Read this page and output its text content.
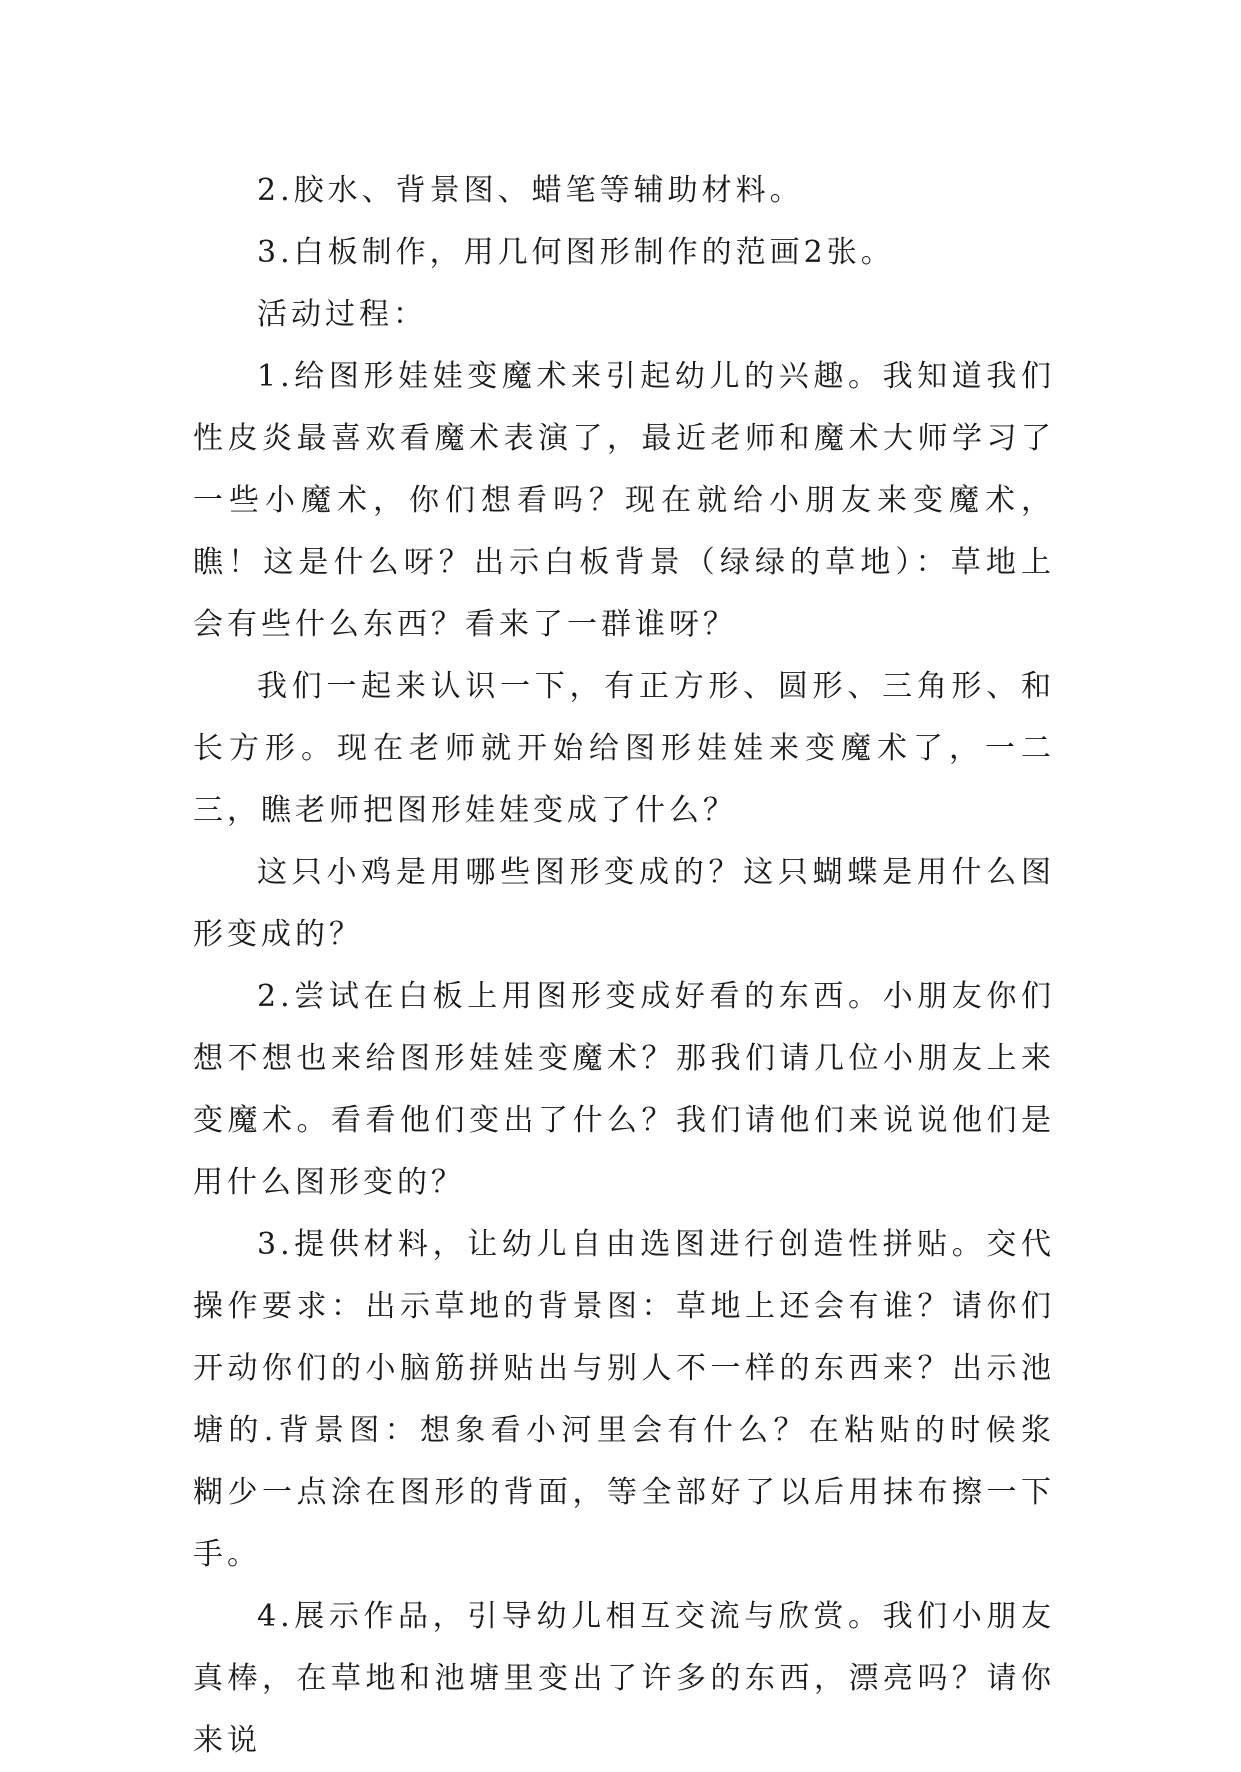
2.胶水、背景图、蜡笔等辅助材料。

3.白板制作，用几何图形制作的范画2张。

活动过程：

1.给图形娃娃变魔术来引起幼儿的兴趣。我知道我们性皮炎最喜欢看魔术表演了，最近老师和魔术大师学习了一些小魔术，你们想看吗？现在就给小朋友来变魔术，瞧！这是什么呀？出示白板背景（绿绿的草地）：草地上会有些什么东西？看来了一群谁呀？

我们一起来认识一下，有正方形、圆形、三角形、和长方形。现在老师就开始给图形娃娃来变魔术了，一二三，瞧老师把图形娃娃变成了什么？

这只小鸡是用哪些图形变成的？这只蝴蝶是用什么图形变成的？

2.尝试在白板上用图形变成好看的东西。小朋友你们想不想也来给图形娃娃变魔术？那我们请几位小朋友上来变魔术。看看他们变出了什么？我们请他们来说说他们是用什么图形变的？

3.提供材料，让幼儿自由选图进行创造性拼贴。交代操作要求：出示草地的背景图：草地上还会有谁？请你们开动你们的小脑筋拼贴出与别人不一样的东西来？出示池塘的.背景图：想象看小河里会有什么？在粘贴的时候浆糊少一点涂在图形的背面，等全部好了以后用抹布擦一下手。

4.展示作品，引导幼儿相互交流与欣赏。我们小朋友真棒，在草地和池塘里变出了许多的东西，漂亮吗？请你来说
